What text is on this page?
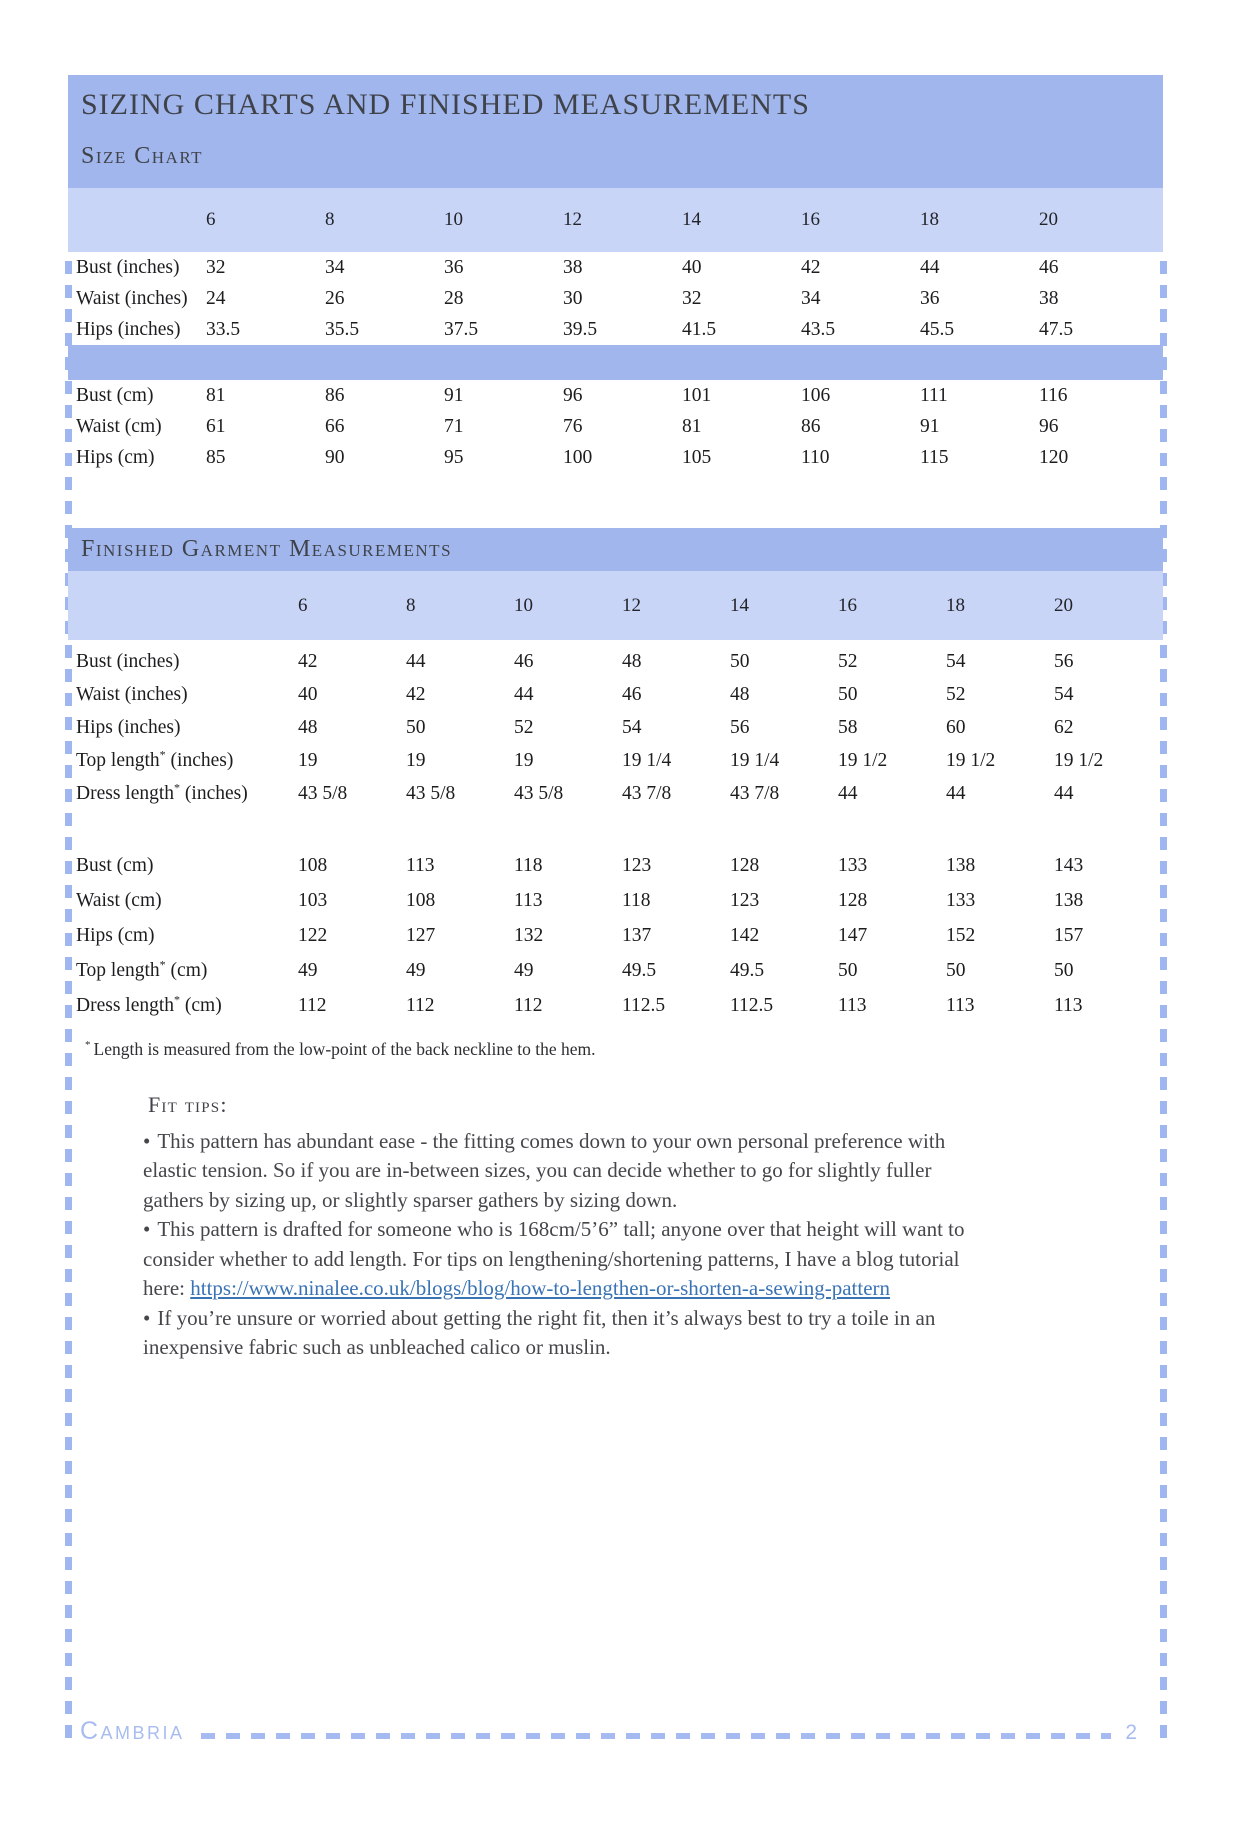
SIZING CHARTS AND FINISHED MEASUREMENTS
Size Chart
6	8	10	12	14	16	18	20
Bust (inches)	32	34	36	38	40	42	44	46
Waist (inches) 24	26	28	30	32	34	36	38
Hips (inches)	33.5	35.5	37.5	39.5	41.5	43.5	45.5	47.5
Bust (cm)	81	86	91	96	101	106	111	116
Waist (cm)	61	66	71	76	81	86	91	96
Hips (cm)	85	90	95	100	105	110	115	120
Finished Garment Measurements
6	8	10	12	14	16	18	20
Bust (inches)	42	44	46	48	50	52	54	56
Waist (inches)	40	42	44	46	48	50	52	54
Hips (inches)	48	50	52	54	56	58	60	62
Top length* (inches)	19	19	19	19 1/4	19 1/4	19 1/2	19 1/2	19 1/2
Dress length* (inches)	43 5/8	43 5/8	43 5/8	43 7/8	43 7/8	44	44	44
Bust (cm)	108	113	118	123	128	133	138	143
Waist (cm)	103	108	113	118	123	128	133	138
Hips (cm)	122	127	132	137	142	147	152	157
Top length* (cm)	49	49	49	49.5	49.5	50	50	50
Dress length* (cm)	112	112	112	112.5	112.5	113	113	113
* Length is measured from the low-point of the back neckline to the hem.
Fit tips:
• This pattern has abundant ease - the fitting comes down to your own personal preference with elastic tension. So if you are in-between sizes, you can decide whether to go for slightly fuller gathers by sizing up, or slightly sparser gathers by sizing down.
• This pattern is drafted for someone who is 168cm/5’6” tall; anyone over that height will want to consider whether to add length. For tips on lengthening/shortening patterns, I have a blog tutorial here: https://www.ninalee.co.uk/blogs/blog/how-to-lengthen-or-shorten-a-sewing-pattern
• If you’re unsure or worried about getting the right fit, then it’s always best to try a toile in an inexpensive fabric such as unbleached calico or muslin.
Cambria	2
